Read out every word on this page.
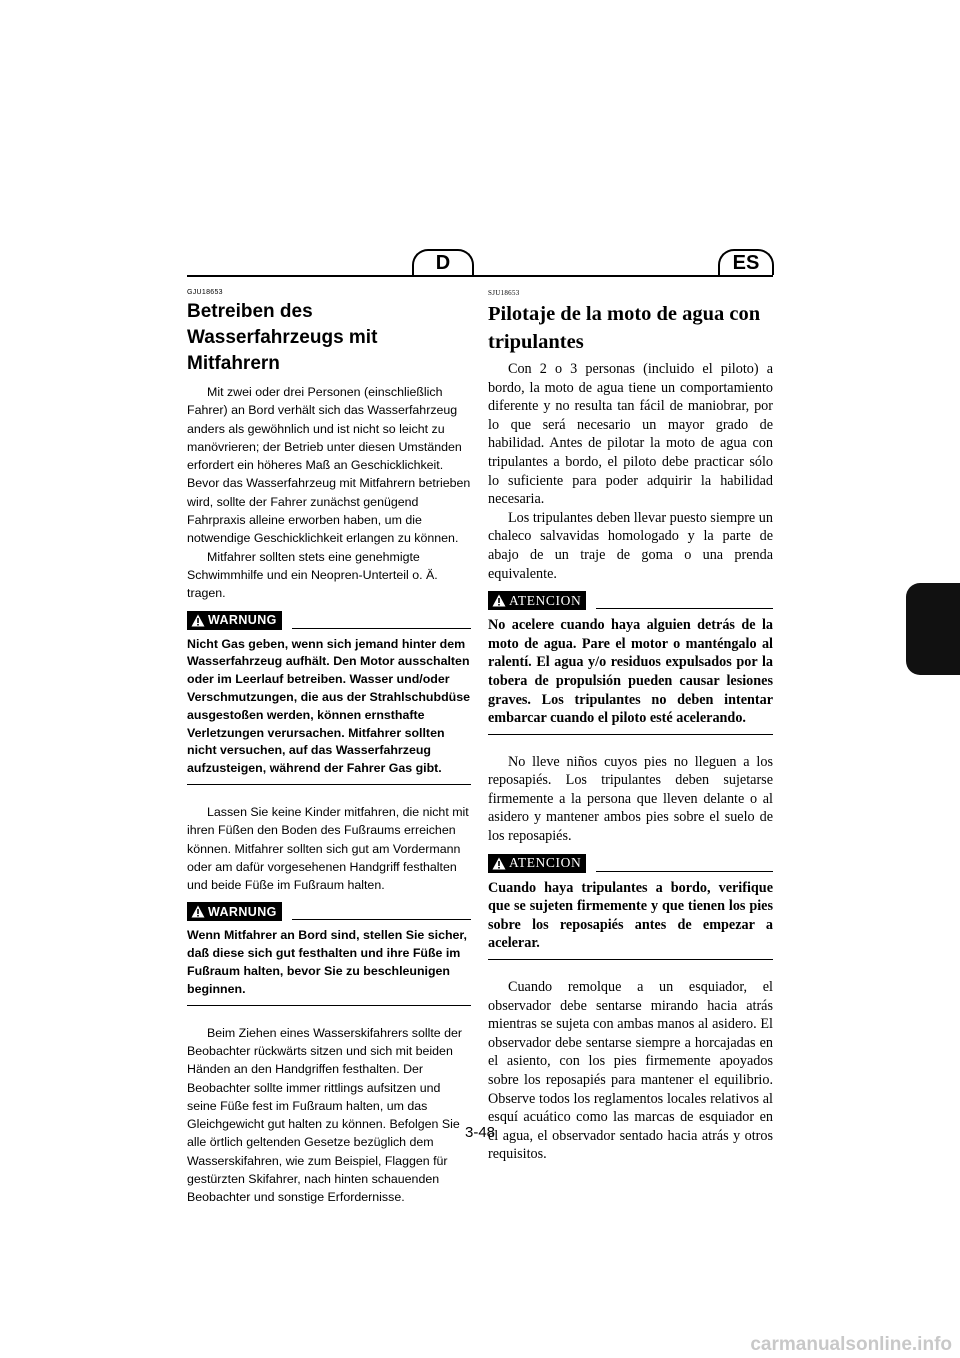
D	ES

GJU18653

Betreiben des Wasserfahrzeugs mit Mitfahrern

Mit zwei oder drei Personen (einschließlich Fahrer) an Bord verhält sich das Wasserfahrzeug anders als gewöhnlich und ist nicht so leicht zu manövrieren; der Betrieb unter diesen Umständen erfordert ein höheres Maß an Geschicklichkeit. Bevor das Wasserfahrzeug mit Mitfahrern betrieben wird, sollte der Fahrer zunächst genügend Fahrpraxis alleine erworben haben, um die notwendige Geschicklichkeit erlangen zu können.

Mitfahrer sollten stets eine genehmigte Schwimmhilfe und ein Neopren-Unterteil o. Ä. tragen.

WARNUNG

Nicht Gas geben, wenn sich jemand hinter dem Wasserfahrzeug aufhält. Den Motor ausschalten oder im Leerlauf betreiben. Wasser und/oder Verschmutzungen, die aus der Strahlschubdüse ausgestoßen werden, können ernsthafte Verletzungen verursachen. Mitfahrer sollten nicht versuchen, auf das Wasserfahrzeug aufzusteigen, während der Fahrer Gas gibt.

Lassen Sie keine Kinder mitfahren, die nicht mit ihren Füßen den Boden des Fußraums erreichen können. Mitfahrer sollten sich gut am Vordermann oder am dafür vorgesehenen Handgriff festhalten und beide Füße im Fußraum halten.

WARNUNG

Wenn Mitfahrer an Bord sind, stellen Sie sicher, daß diese sich gut festhalten und ihre Füße im Fußraum halten, bevor Sie zu beschleunigen beginnen.

Beim Ziehen eines Wasserskifahrers sollte der Beobachter rückwärts sitzen und sich mit beiden Händen an den Handgriffen festhalten. Der Beobachter sollte immer rittlings aufsitzen und seine Füße fest im Fußraum halten, um das Gleichgewicht gut halten zu können. Befolgen Sie alle örtlich geltenden Gesetze bezüglich dem Wasserskifahren, wie zum Beispiel, Flaggen für gestürzten Skifahrer, nach hinten schauenden Beobachter und sonstige Erfordernisse.

SJU18653

Pilotaje de la moto de agua con tripulantes

Con 2 o 3 personas (incluido el piloto) a bordo, la moto de agua tiene un comportamiento diferente y no resulta tan fácil de maniobrar, por lo que será necesario un mayor grado de habilidad. Antes de pilotar la moto de agua con tripulantes a bordo, el piloto debe practicar sólo lo suficiente para poder adquirir la habilidad necesaria.

Los tripulantes deben llevar puesto siempre un chaleco salvavidas homologado y la parte de abajo de un traje de goma o una prenda equivalente.

ATENCION

No acelere cuando haya alguien detrás de la moto de agua. Pare el motor o manténgalo al ralentí. El agua y/o residuos expulsados por la tobera de propulsión pueden causar lesiones graves. Los tripulantes no deben intentar embarcar cuando el piloto esté acelerando.

No lleve niños cuyos pies no lleguen a los reposapiés. Los tripulantes deben sujetarse firmemente a la persona que lleven delante o al asidero y mantener ambos pies sobre el suelo de los reposapiés.

ATENCION

Cuando haya tripulantes a bordo, verifique que se sujeten firmemente y que tienen los pies sobre los reposapiés antes de empezar a acelerar.

Cuando remolque a un esquiador, el observador debe sentarse mirando hacia atrás mientras se sujeta con ambas manos al asidero. El observador debe sentarse siempre a horcajadas en el asiento, con los pies firmemente apoyados sobre los reposapiés para mantener el equilibrio. Observe todos los reglamentos locales relativos al esquí acuático como las marcas de esquiador en el agua, el observador sentado hacia atrás y otros requisitos.

3-48
carmanualsonline.info
